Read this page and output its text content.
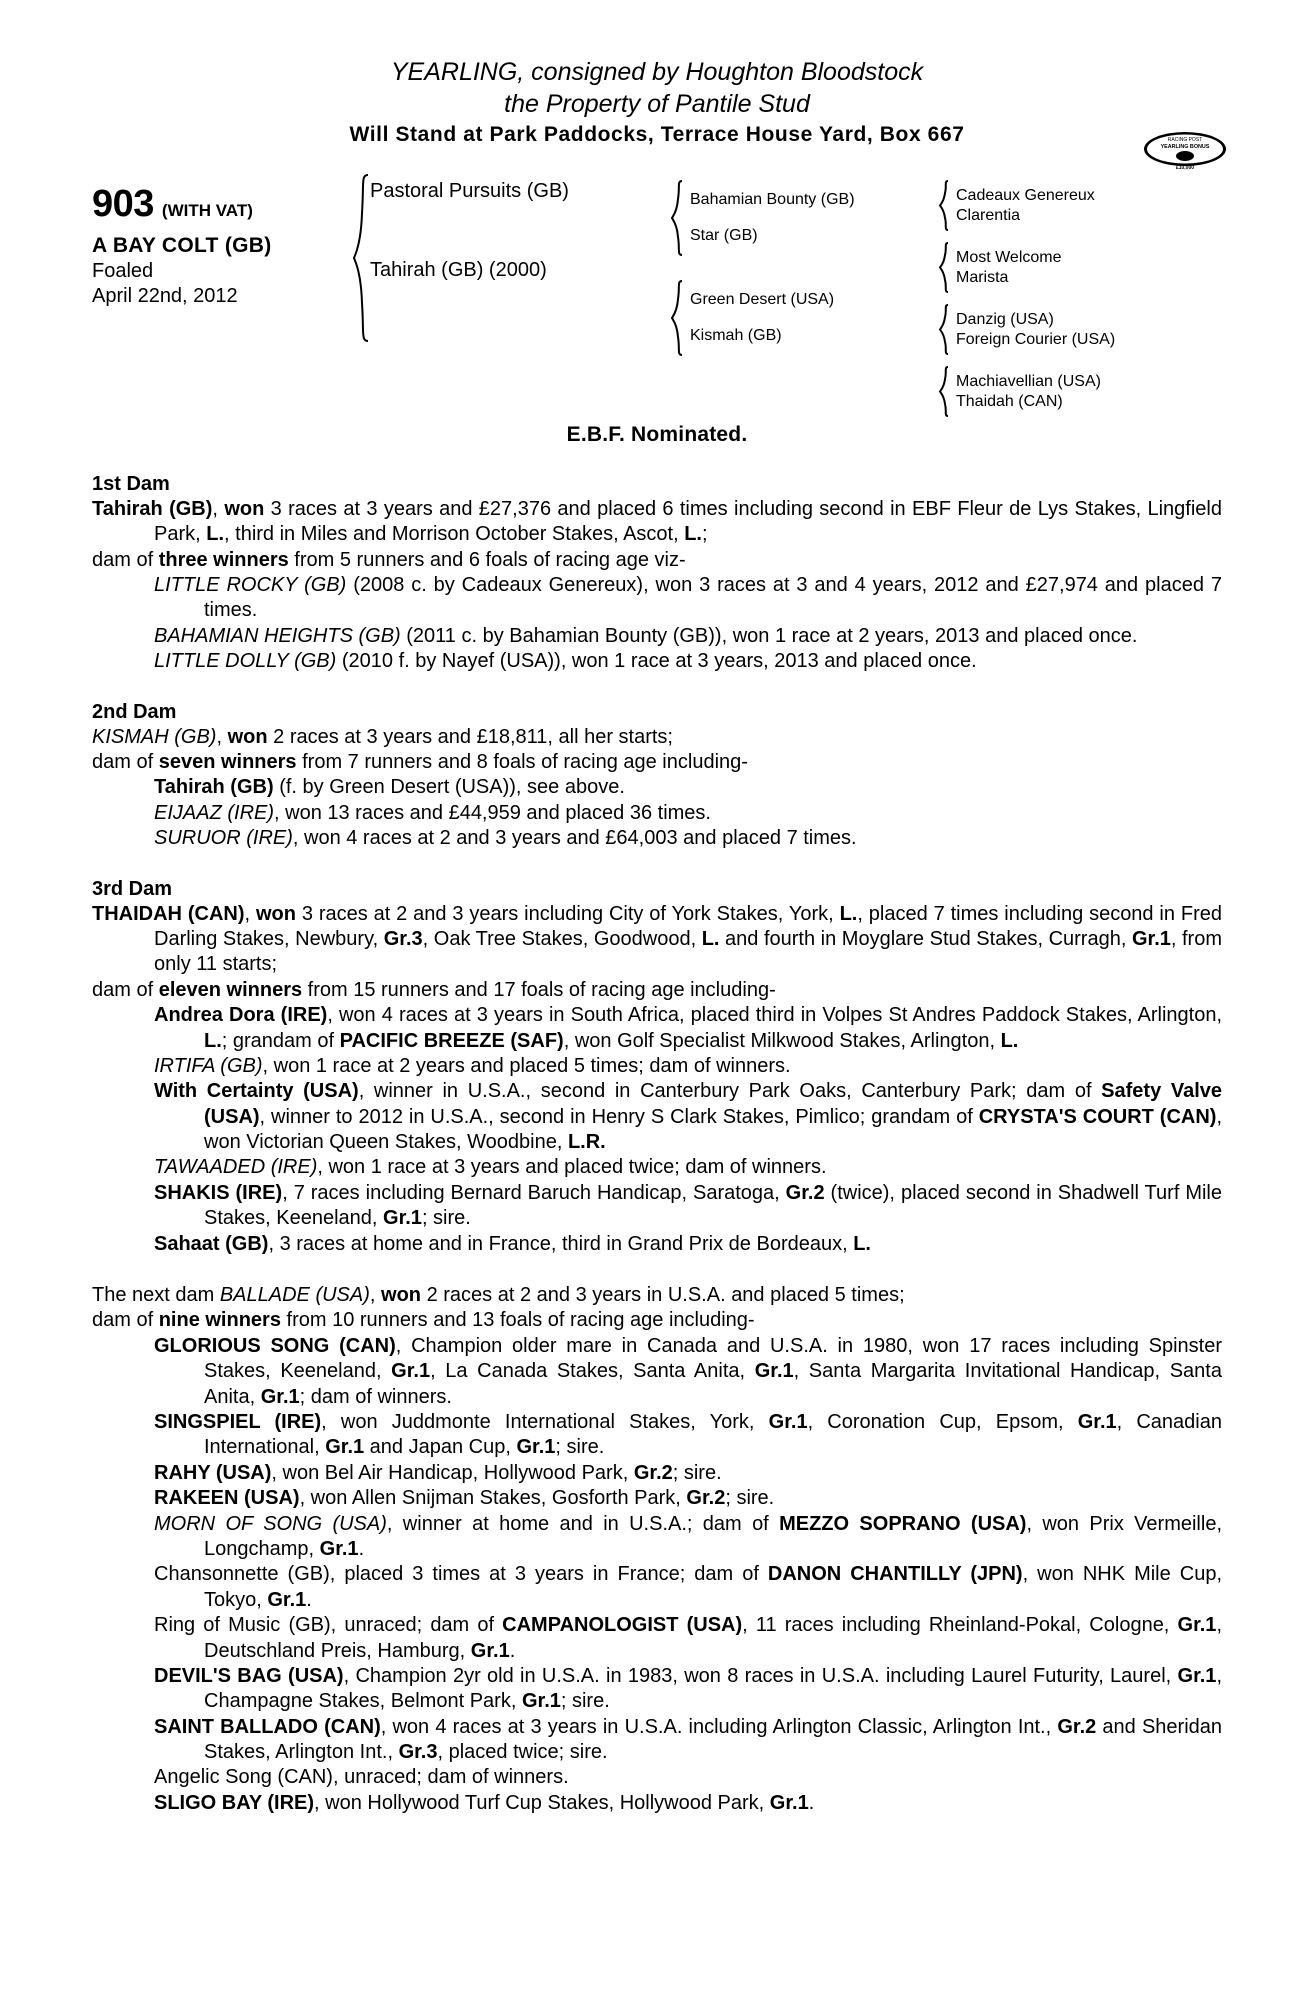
YEARLING, consigned by Houghton Bloodstock
the Property of Pantile Stud
Will Stand at Park Paddocks, Terrace House Yard, Box 667	RACING POST
YEARLING BONUS
£10,000
903 (WITH VAT)
A BAY COLT (GB)
Foaled
April 22nd, 2012
Pastoral Pursuits (GB)
Tahirah (GB) (2000)
Bahamian Bounty (GB)
Star (GB)
Green Desert (USA)
Kismah (GB)
Cadeaux Genereux
Clarentia
Most Welcome
Marista
Danzig (USA)
Foreign Courier (USA)
Machiavellian (USA)
Thaidah (CAN)
E.B.F. Nominated.
1st Dam

Tahirah (GB), won 3 races at 3 years and £27,376 and placed 6 times including second in EBF Fleur de Lys Stakes, Lingfield Park, L., third in Miles and Morrison October Stakes, Ascot, L.;

dam of three winners from 5 runners and 6 foals of racing age viz-

LITTLE ROCKY (GB) (2008 c. by Cadeaux Genereux), won 3 races at 3 and 4 years, 2012 and £27,974 and placed 7 times.

BAHAMIAN HEIGHTS (GB) (2011 c. by Bahamian Bounty (GB)), won 1 race at 2 years, 2013 and placed once.

LITTLE DOLLY (GB) (2010 f. by Nayef (USA)), won 1 race at 3 years, 2013 and placed once.

2nd Dam

KISMAH (GB), won 2 races at 3 years and £18,811, all her starts;

dam of seven winners from 7 runners and 8 foals of racing age including-

Tahirah (GB) (f. by Green Desert (USA)), see above.

EIJAAZ (IRE), won 13 races and £44,959 and placed 36 times.

SURUOR (IRE), won 4 races at 2 and 3 years and £64,003 and placed 7 times.

3rd Dam

THAIDAH (CAN), won 3 races at 2 and 3 years including City of York Stakes, York, L., placed 7 times including second in Fred Darling Stakes, Newbury, Gr.3, Oak Tree Stakes, Goodwood, L. and fourth in Moyglare Stud Stakes, Curragh, Gr.1, from only 11 starts;

dam of eleven winners from 15 runners and 17 foals of racing age including-

Andrea Dora (IRE), won 4 races at 3 years in South Africa, placed third in Volpes St Andres Paddock Stakes, Arlington, L.; grandam of PACIFIC BREEZE (SAF), won Golf Specialist Milkwood Stakes, Arlington, L.

IRTIFA (GB), won 1 race at 2 years and placed 5 times; dam of winners.

With Certainty (USA), winner in U.S.A., second in Canterbury Park Oaks, Canterbury Park; dam of Safety Valve (USA), winner to 2012 in U.S.A., second in Henry S Clark Stakes, Pimlico; grandam of CRYSTA'S COURT (CAN), won Victorian Queen Stakes, Woodbine, L.R.

TAWAADED (IRE), won 1 race at 3 years and placed twice; dam of winners.

SHAKIS (IRE), 7 races including Bernard Baruch Handicap, Saratoga, Gr.2 (twice), placed second in Shadwell Turf Mile Stakes, Keeneland, Gr.1; sire.

Sahaat (GB), 3 races at home and in France, third in Grand Prix de Bordeaux, L.

The next dam BALLADE (USA), won 2 races at 2 and 3 years in U.S.A. and placed 5 times;

dam of nine winners from 10 runners and 13 foals of racing age including-

GLORIOUS SONG (CAN), Champion older mare in Canada and U.S.A. in 1980, won 17 races including Spinster Stakes, Keeneland, Gr.1, La Canada Stakes, Santa Anita, Gr.1, Santa Margarita Invitational Handicap, Santa Anita, Gr.1; dam of winners.

SINGSPIEL (IRE), won Juddmonte International Stakes, York, Gr.1, Coronation Cup, Epsom, Gr.1, Canadian International, Gr.1 and Japan Cup, Gr.1; sire.

RAHY (USA), won Bel Air Handicap, Hollywood Park, Gr.2; sire.

RAKEEN (USA), won Allen Snijman Stakes, Gosforth Park, Gr.2; sire.

MORN OF SONG (USA), winner at home and in U.S.A.; dam of MEZZO SOPRANO (USA), won Prix Vermeille, Longchamp, Gr.1.

Chansonnette (GB), placed 3 times at 3 years in France; dam of DANON CHANTILLY (JPN), won NHK Mile Cup, Tokyo, Gr.1.

Ring of Music (GB), unraced; dam of CAMPANOLOGIST (USA), 11 races including Rheinland-Pokal, Cologne, Gr.1, Deutschland Preis, Hamburg, Gr.1.

DEVIL'S BAG (USA), Champion 2yr old in U.S.A. in 1983, won 8 races in U.S.A. including Laurel Futurity, Laurel, Gr.1, Champagne Stakes, Belmont Park, Gr.1; sire.

SAINT BALLADO (CAN), won 4 races at 3 years in U.S.A. including Arlington Classic, Arlington Int., Gr.2 and Sheridan Stakes, Arlington Int., Gr.3, placed twice; sire.

Angelic Song (CAN), unraced; dam of winners.

SLIGO BAY (IRE), won Hollywood Turf Cup Stakes, Hollywood Park, Gr.1.
